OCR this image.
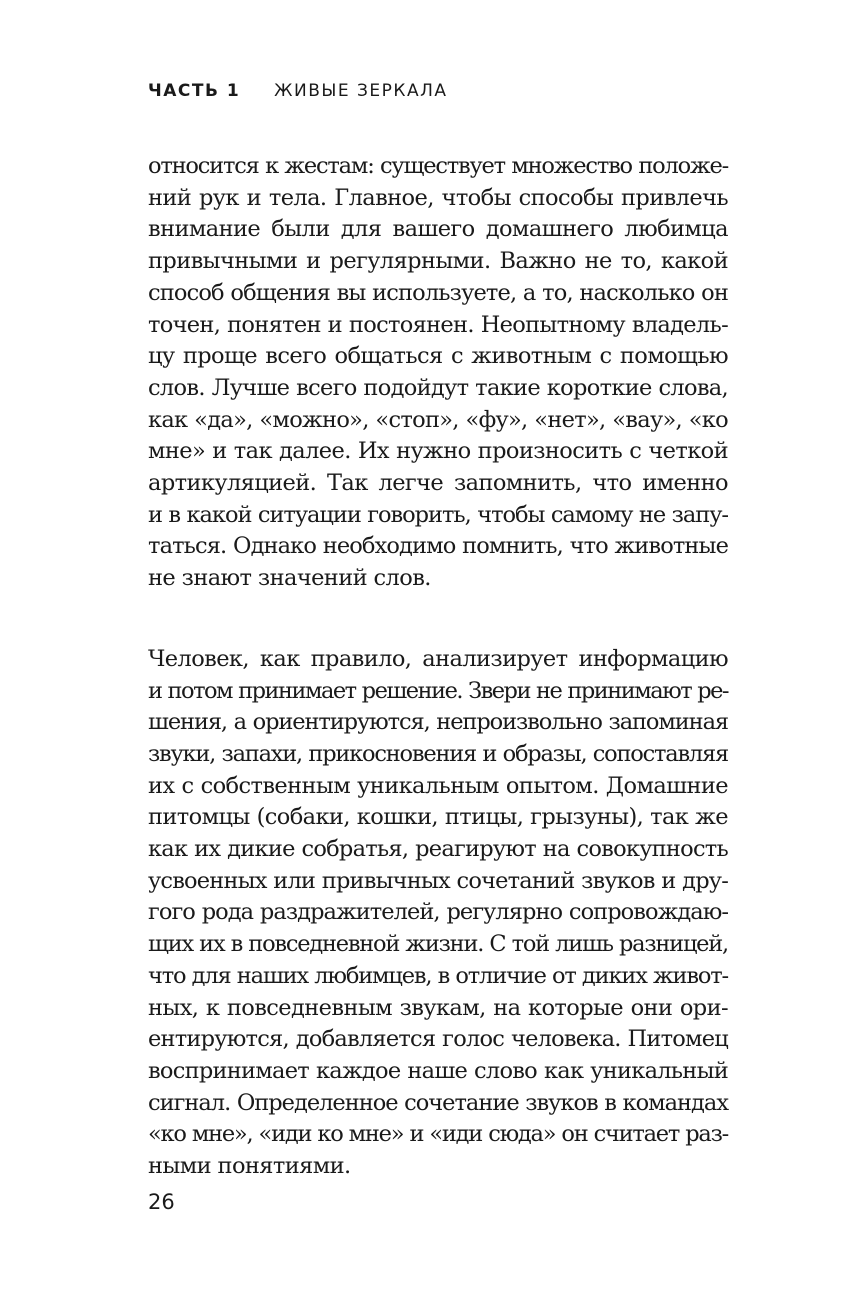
ЧАСТЬ 1 ЖИВЫЕ ЗЕРКАЛА
относится к жестам: существует множество положе-
ний рук и тела. Главное, чтобы способы привлечь
внимание были для вашего домашнего любимца
привычными и регулярными. Важно не то, какой
способ общения вы используете, а то, насколько он
точен, понятен и постоянен. Неопытному владель-
цу проще всего общаться с животным с помощью
слов. Лучше всего подойдут такие короткие слова,
как «да», «можно», «стоп», «фу», «нет», «вау», «ко
мне» и так далее. Их нужно произносить с четкой
артикуляцией. Так легче запомнить, что именно
и в какой ситуации говорить, чтобы самому не запу-
таться. Однако необходимо помнить, что животные
не знают значений слов.
Человек, как правило, анализирует информацию
и потом принимает решение. Звери не принимают ре-
шения, а ориентируются, непроизвольно запоминая
звуки, запахи, прикосновения и образы, сопоставляя
их с собственным уникальным опытом. Домашние
питомцы (собаки, кошки, птицы, грызуны), так же
как их дикие собратья, реагируют на совокупность
усвоенных или привычных сочетаний звуков и дру-
гого рода раздражителей, регулярно сопровождаю-
щих их в повседневной жизни. С той лишь разницей,
что для наших любимцев, в отличие от диких живот-
ных, к повседневным звукам, на которые они ори-
ентируются, добавляется голос человека. Питомец
воспринимает каждое наше слово как уникальный
сигнал. Определенное сочетание звуков в командах
«ко мне», «иди ко мне» и «иди сюда» он считает раз-
ными понятиями.
26
